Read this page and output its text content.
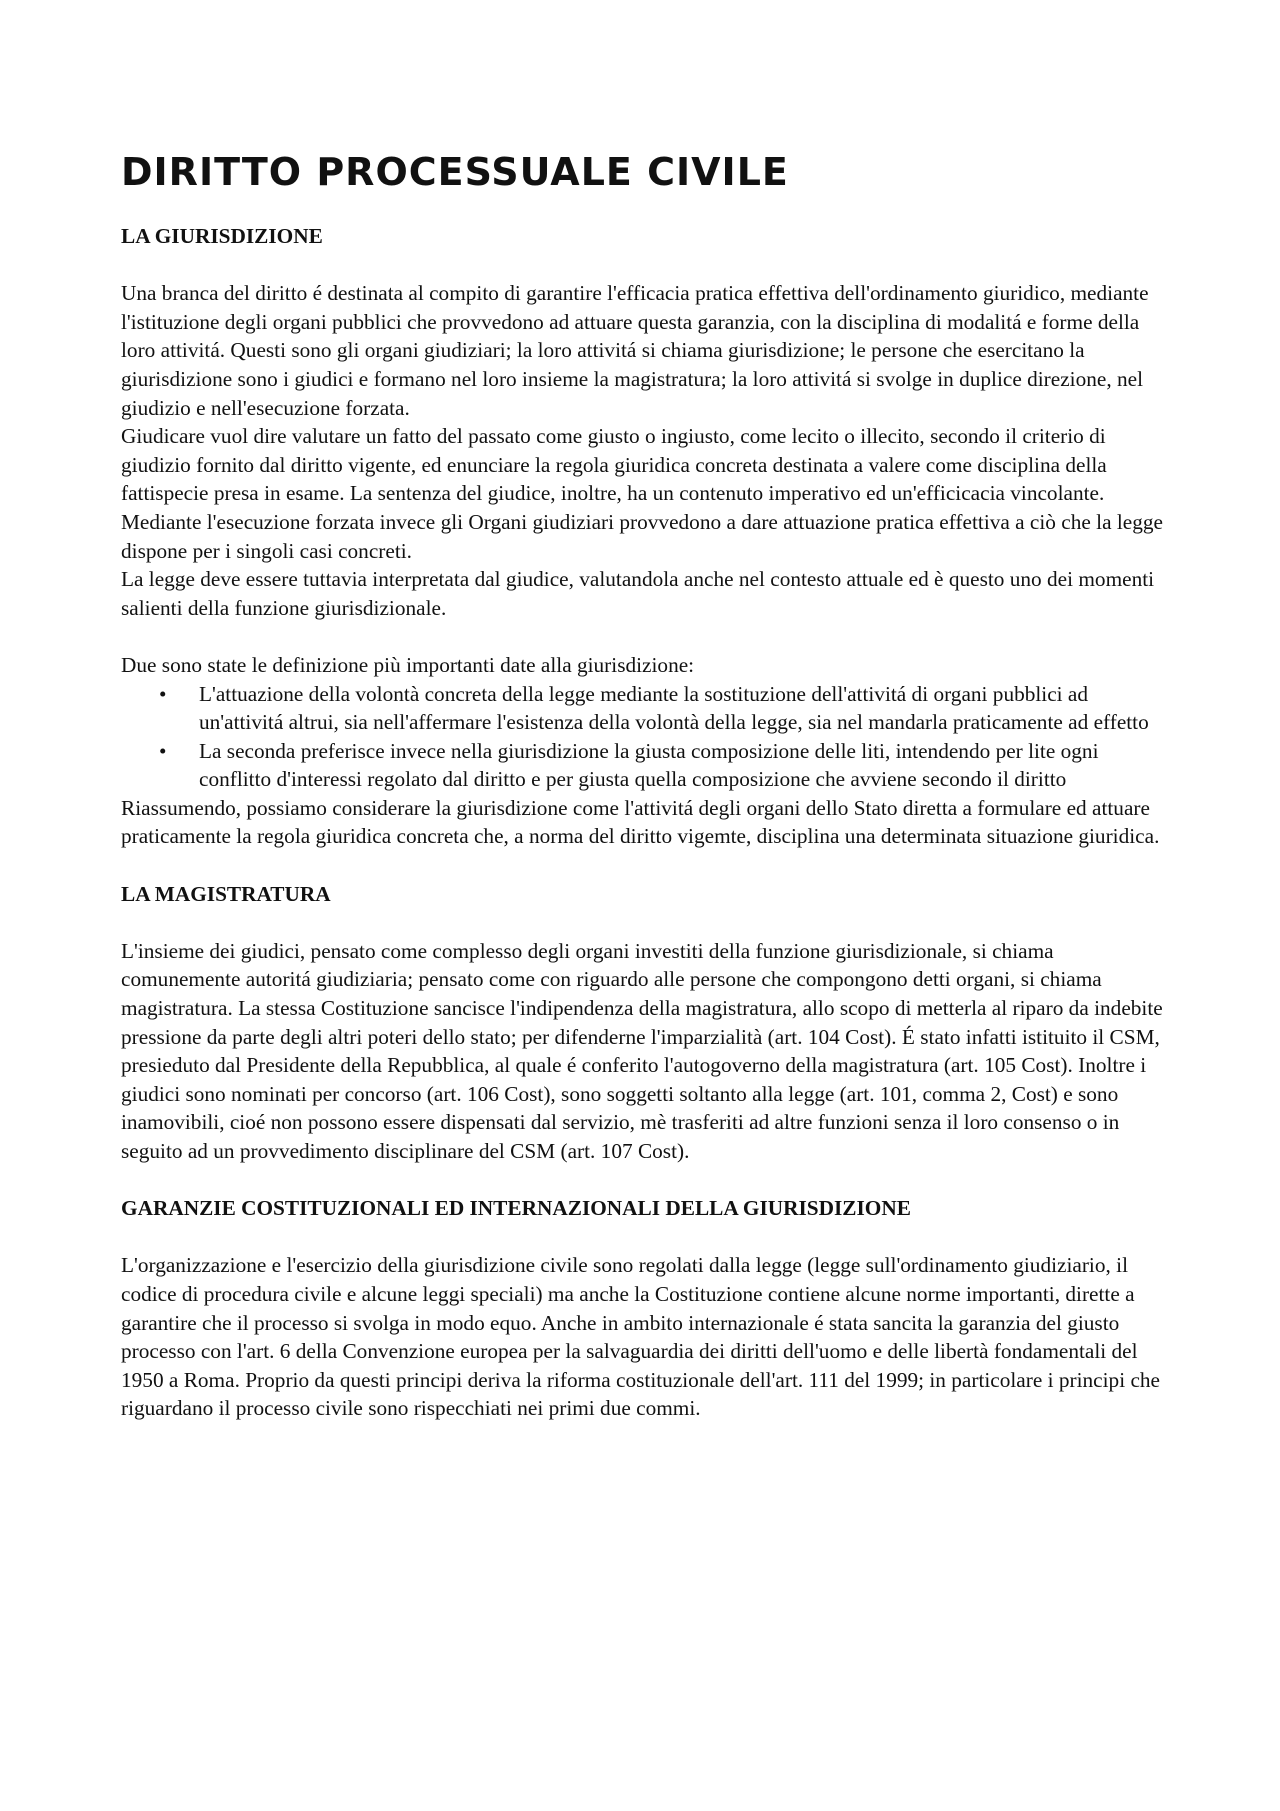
DIRITTO PROCESSUALE CIVILE
LA GIURISDIZIONE

Una branca del diritto é destinata al compito di garantire l'efficacia pratica effettiva dell'ordinamento giuridico, mediante l'istituzione degli organi pubblici che provvedono ad attuare questa garanzia, con la disciplina di modalitá e forme della loro attivitá. Questi sono gli organi giudiziari; la loro attivitá si chiama giurisdizione; le persone che esercitano la giurisdizione sono i giudici e formano nel loro insieme la magistratura; la loro attivitá si svolge in duplice direzione, nel giudizio e nell'esecuzione forzata.

Giudicare vuol dire valutare un fatto del passato come giusto o ingiusto, come lecito o illecito, secondo il criterio di giudizio fornito dal diritto vigente, ed enunciare la regola giuridica concreta destinata a valere come disciplina della fattispecie presa in esame. La sentenza del giudice, inoltre, ha un contenuto imperativo ed un'efficicacia vincolante. Mediante l'esecuzione forzata invece gli Organi giudiziari provvedono a dare attuazione pratica effettiva a ciò che la legge dispone per i singoli casi concreti.

La legge deve essere tuttavia interpretata dal giudice, valutandola anche nel contesto attuale ed è questo uno dei momenti salienti della funzione giurisdizionale.

Due sono state le definizione più importanti date alla giurisdizione:

•	L'attuazione della volontà concreta della legge mediante la sostituzione dell'attivitá di organi pubblici ad un'attivitá altrui, sia nell'affermare l'esistenza della volontà della legge, sia nel mandarla praticamente ad effetto
•	La seconda preferisce invece nella giurisdizione la giusta composizione delle liti, intendendo per lite ogni conflitto d'interessi regolato dal diritto e per giusta quella composizione che avviene secondo il diritto

Riassumendo, possiamo considerare la giurisdizione come l'attivitá degli organi dello Stato diretta a formulare ed attuare praticamente la regola giuridica concreta che, a norma del diritto vigemte, disciplina una determinata situazione giuridica.

LA MAGISTRATURA

L'insieme dei giudici, pensato come complesso degli organi investiti della funzione giurisdizionale, si chiama comunemente autoritá giudiziaria; pensato come con riguardo alle persone che compongono detti organi, si chiama magistratura. La stessa Costituzione sancisce l'indipendenza della magistratura, allo scopo di metterla al riparo da indebite pressione da parte degli altri poteri dello stato; per difenderne l'imparzialità (art. 104 Cost). É stato infatti istituito il CSM, presieduto dal Presidente della Repubblica, al quale é conferito l'autogoverno della magistratura (art. 105 Cost). Inoltre i giudici sono nominati per concorso (art. 106 Cost), sono soggetti soltanto alla legge (art. 101, comma 2, Cost) e sono inamovibili, cioé non possono essere dispensati dal servizio, mè trasferiti ad altre funzioni senza il loro consenso o in seguito ad un provvedimento disciplinare del CSM (art. 107 Cost).

GARANZIE COSTITUZIONALI ED INTERNAZIONALI DELLA GIURISDIZIONE

L'organizzazione e l'esercizio della giurisdizione civile sono regolati dalla legge (legge sull'ordinamento giudiziario, il codice di procedura civile e alcune leggi speciali) ma anche la Costituzione contiene alcune norme importanti, dirette a garantire che il processo si svolga in modo equo. Anche in ambito internazionale é stata sancita la garanzia del giusto processo con l'art. 6 della Convenzione europea per la salvaguardia dei diritti dell'uomo e delle libertà fondamentali del 1950 a Roma. Proprio da questi principi deriva la riforma costituzionale dell'art. 111 del 1999; in particolare i principi che riguardano il processo civile sono rispecchiati nei primi due commi.
